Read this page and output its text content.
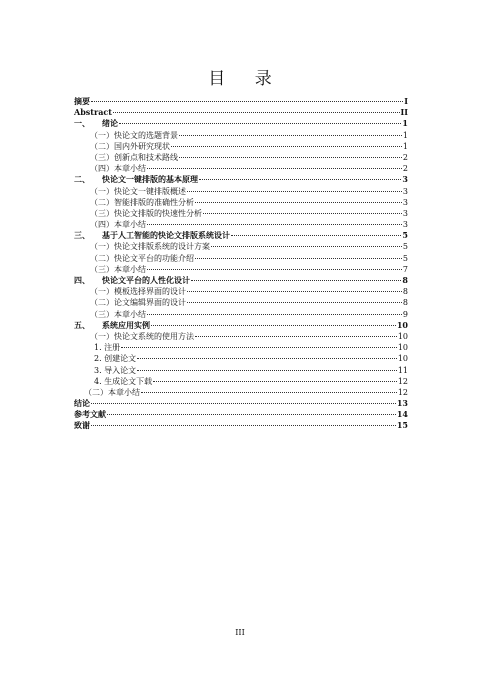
目 录
摘要	I
Abstract	II
一、	绪论	1
（一）快论文的选题背景	1
（二）国内外研究现状	1
（三）创新点和技术路线	2
（四）本章小结	2
二、	快论文一键排版的基本原理	3
（一）快论文一键排版概述	3
（二）智能排版的准确性分析	3
（三）快论文排版的快速性分析	3
（四）本章小结	3
三、	基于人工智能的快论文排版系统设计	5
（一）快论文排版系统的设计方案	5
（二）快论文平台的功能介绍	5
（三）本章小结	7
四、	快论文平台的人性化设计	8
（一）模板选择界面的设计	8
（二）论文编辑界面的设计	8
（三）本章小结	9
五、	系统应用实例	10
（一）快论文系统的使用方法	10
1. 注册	10
2. 创建论文	10
3. 导入论文	11
4. 生成论文下载	12
（二）本章小结	12
结论	13
参考文献	14
致谢	15
III
